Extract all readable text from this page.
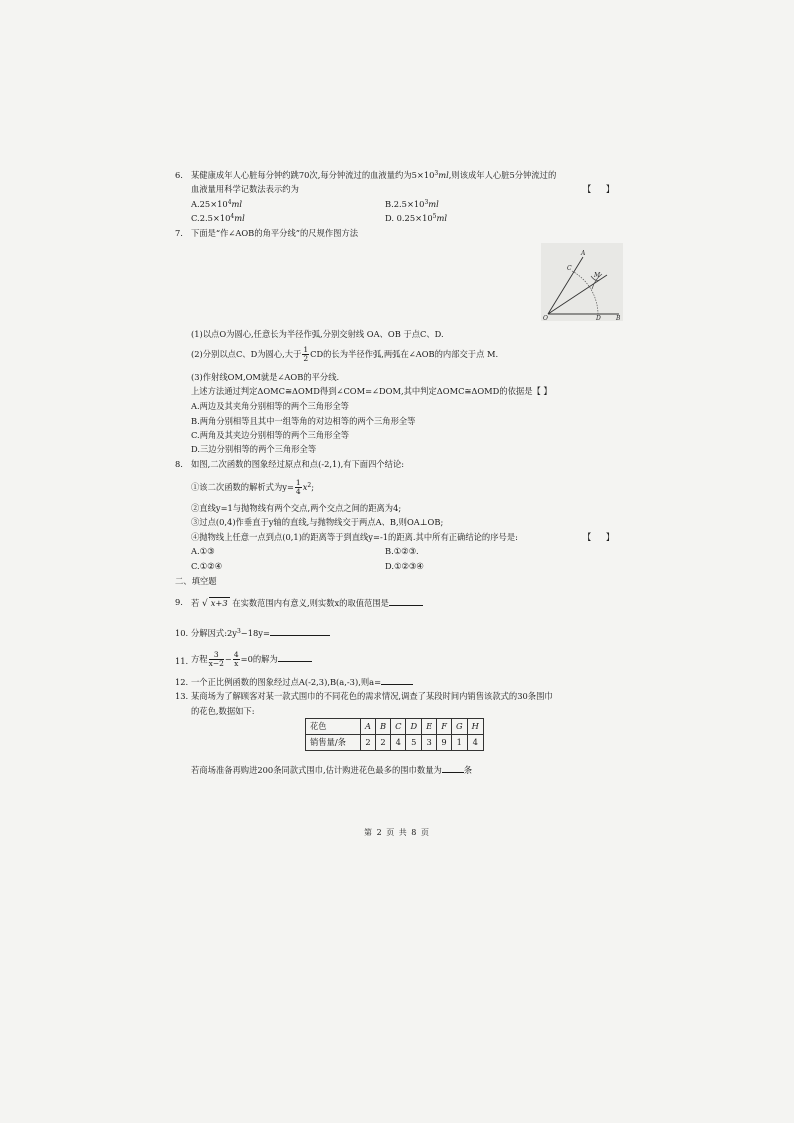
6. 某健康成年人心脏每分钟约跳70次,每分钟流过的血液量约为$5\times 10^3ml$,则该成年人心脏5分钟流过的
血液量用科学记数法表示约为	【 】
$A.25\times 10^4ml$	$B.2.5\times 10^3ml$
$C.2.5\times 10^4ml$	D. $0.25\times 10^5ml$
7. 下面是“作∠AOB的角平分线”的尺规作图方法
A
C
M
O	D	B
(1)以点O为圆心,任意长为半径作弧,分别交射线 OA、OB 于点C、D.
(2)分别以点C、D为圆心,大于 $\frac{1}{2}$ CD的长为半径作弧,两弧在∠AOB的内部交于点 M.
(3)作射线OM,OM就是∠AOB的平分线.
上述方法通过判定ΔOMC≅ΔOMD得到∠COM=∠DOM,其中判定ΔOMC≅ΔOMD的依据是【 】
A.两边及其夹角分别相等的两个三角形全等
B.两角分别相等且其中一组等角的对边相等的两个三角形全等
C.两角及其夹边分别相等的两个三角形全等
D.三边分别相等的两个三角形全等
8. 如图,二次函数的图象经过原点和点(-2,1),有下面四个结论:
①该二次函数的解析式为$y= \frac{1}{4} x^2$;
②直线y=1与抛物线有两个交点,两个交点之间的距离为4;
③过点(0,4)作垂直于y轴的直线,与抛物线交于两点A、B,则OA⊥OB;
④抛物线上任意一点到点(0,1)的距离等于到直线y=-1的距离.其中所有正确结论的序号是:	【 】
A.①③	B.①②③.
C.①②④	D.①②③④
二、填空题
9. 若 √ x+3 在实数范围内有意义,则实数x的取值范围是
10. 分解因式$:2y^3-18y=$
11. 方程 $\frac{3}{x-2} - \frac{4}{x} =0$的解为
12. 一个正比例函数的图象经过点A(-2,3),B(a,-3),则a=
13. 某商场为了解顾客对某一款式围巾的不同花色的需求情况,调查了某段时间内销售该款式的30条围巾
的花色,数据如下:
花色	A	B	C	D	E	F	G	H
销售量/条	2	2	4	5	3	9	1	4
若商场准备再购进200条同款式围巾,估计购进花色最多的围巾数量为	条
第 2 页 共 8 页
